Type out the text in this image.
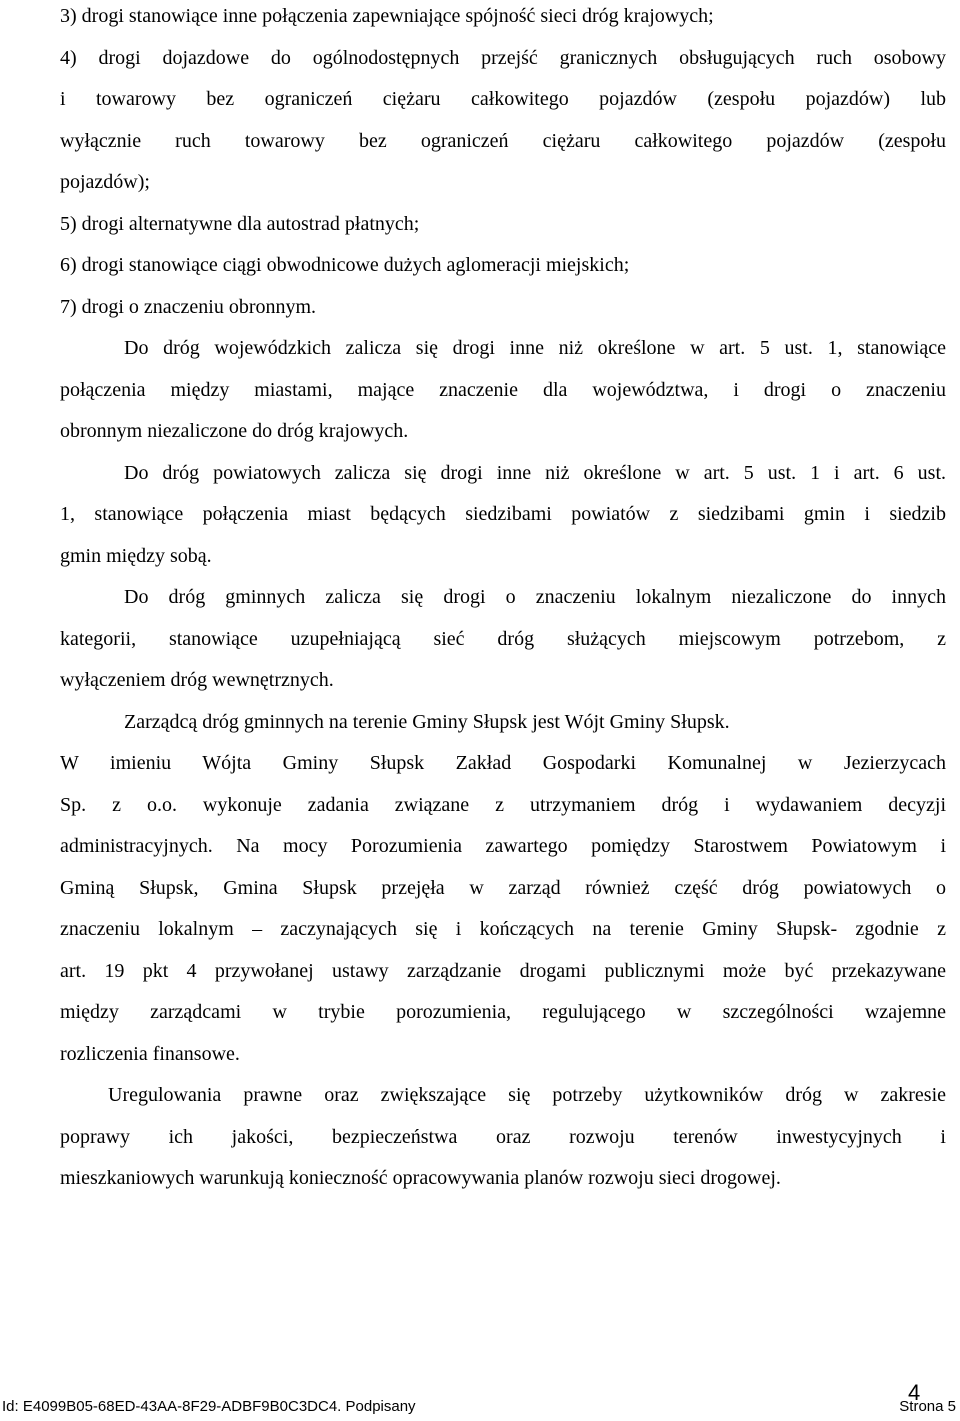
3) drogi stanowiące inne połączenia zapewniające spójność sieci dróg krajowych;
4) drogi dojazdowe do ogólnodostępnych przejść granicznych obsługujących ruch osobowy
i towarowy bez ograniczeń ciężaru całkowitego pojazdów (zespołu pojazdów) lub
wyłącznie ruch towarowy bez ograniczeń ciężaru całkowitego pojazdów (zespołu
pojazdów);
5) drogi alternatywne dla autostrad płatnych;
6) drogi stanowiące ciągi obwodnicowe dużych aglomeracji miejskich;
7) drogi o znaczeniu obronnym.
Do dróg wojewódzkich zalicza się drogi inne niż określone w art. 5 ust. 1, stanowiące
połączenia między miastami, mające znaczenie dla województwa, i drogi o znaczeniu
obronnym niezaliczone do dróg krajowych.
Do dróg powiatowych zalicza się drogi inne niż określone w art. 5 ust. 1 i art. 6 ust.
1, stanowiące połączenia miast będących siedzibami powiatów z siedzibami gmin i siedzib
gmin między sobą.
Do dróg gminnych zalicza się drogi o znaczeniu lokalnym niezaliczone do innych
kategorii, stanowiące uzupełniającą sieć dróg służących miejscowym potrzebom, z
wyłączeniem dróg wewnętrznych.
Zarządcą dróg gminnych na terenie Gminy Słupsk jest Wójt Gminy Słupsk.
W imieniu Wójta Gminy Słupsk Zakład Gospodarki Komunalnej w Jezierzycach
Sp. z o.o. wykonuje zadania związane z utrzymaniem dróg i wydawaniem decyzji
administracyjnych. Na mocy Porozumienia zawartego pomiędzy Starostwem Powiatowym i
Gminą Słupsk, Gmina Słupsk przejęła w zarząd również część dróg powiatowych o
znaczeniu lokalnym – zaczynających się i kończących na terenie Gminy Słupsk- zgodnie z
art. 19 pkt 4 przywołanej ustawy zarządzanie drogami publicznymi może być przekazywane
między zarządcami w trybie porozumienia, regulującego w szczególności wzajemne
rozliczenia finansowe.
Uregulowania prawne oraz zwiększające się potrzeby użytkowników dróg w zakresie
poprawy ich jakości, bezpieczeństwa oraz rozwoju terenów inwestycyjnych i
mieszkaniowych warunkują konieczność opracowywania planów rozwoju sieci drogowej.
Id: E4099B05-68ED-43AA-8F29-ADBF9B0C3DC4. Podpisany
4
Strona 5
